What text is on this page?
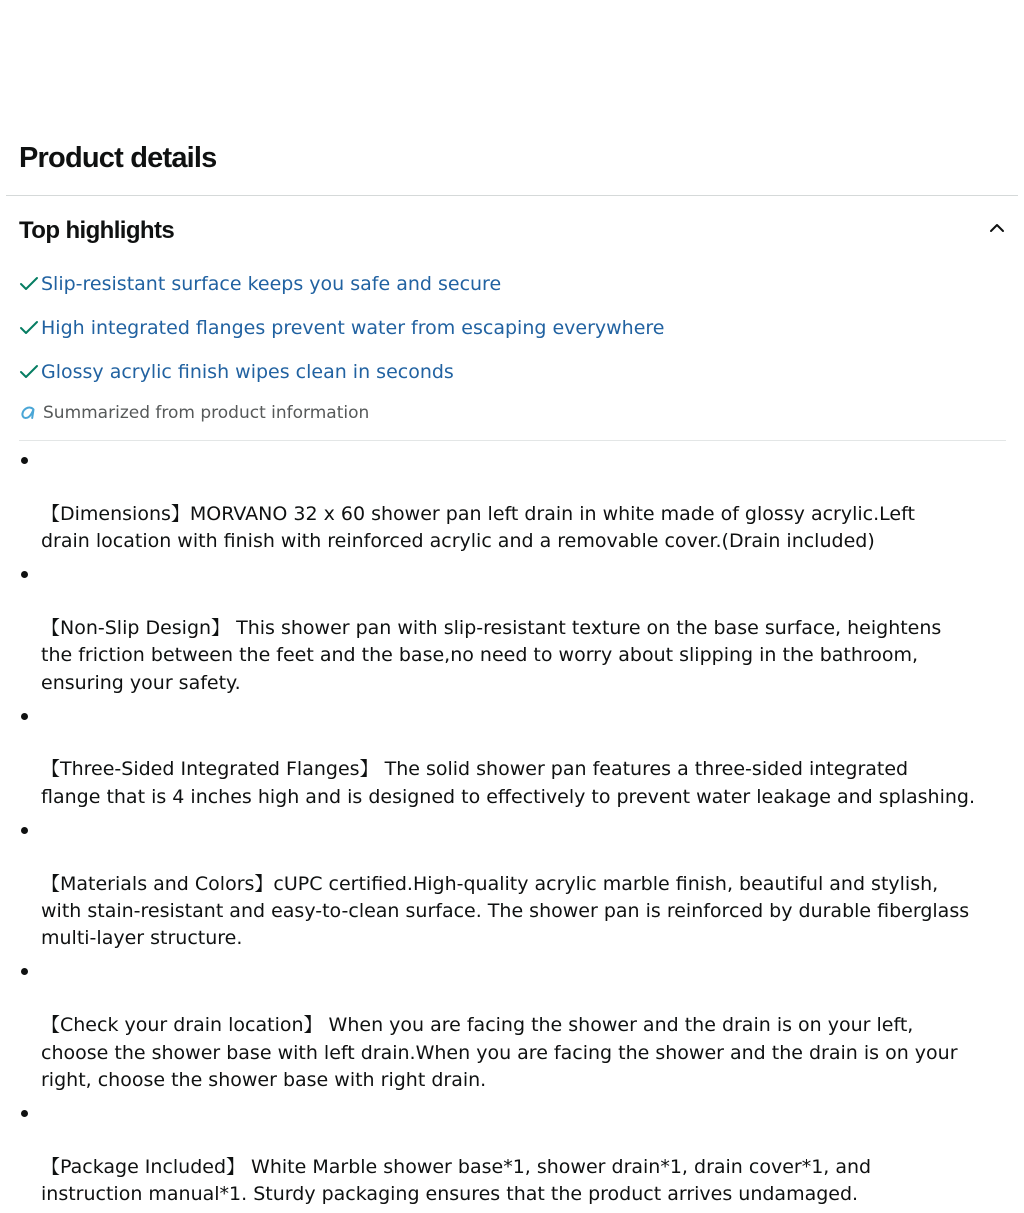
Product details
Top highlights
Slip-resistant surface keeps you safe and secure
High integrated flanges prevent water from escaping everywhere
Glossy acrylic finish wipes clean in seconds
Summarized from product information

【Dimensions】MORVANO 32 x 60 shower pan left drain in white made of glossy acrylic.Left
drain location with finish with reinforced acrylic and a removable cover.(Drain included)

【Non-Slip Design】 This shower pan with slip-resistant texture on the base surface, heightens
the friction between the feet and the base,no need to worry about slipping in the bathroom,
ensuring your safety.

【Three-Sided Integrated Flanges】 The solid shower pan features a three-sided integrated
flange that is 4 inches high and is designed to effectively to prevent water leakage and splashing.

【Materials and Colors】cUPC certified.High-quality acrylic marble finish, beautiful and stylish,
with stain-resistant and easy-to-clean surface. The shower pan is reinforced by durable fiberglass
multi-layer structure.

【Check your drain location】 When you are facing the shower and the drain is on your left,
choose the shower base with left drain.When you are facing the shower and the drain is on your
right, choose the shower base with right drain.

【Package Included】 White Marble shower base*1, shower drain*1, drain cover*1, and
instruction manual*1. Sturdy packaging ensures that the product arrives undamaged.
